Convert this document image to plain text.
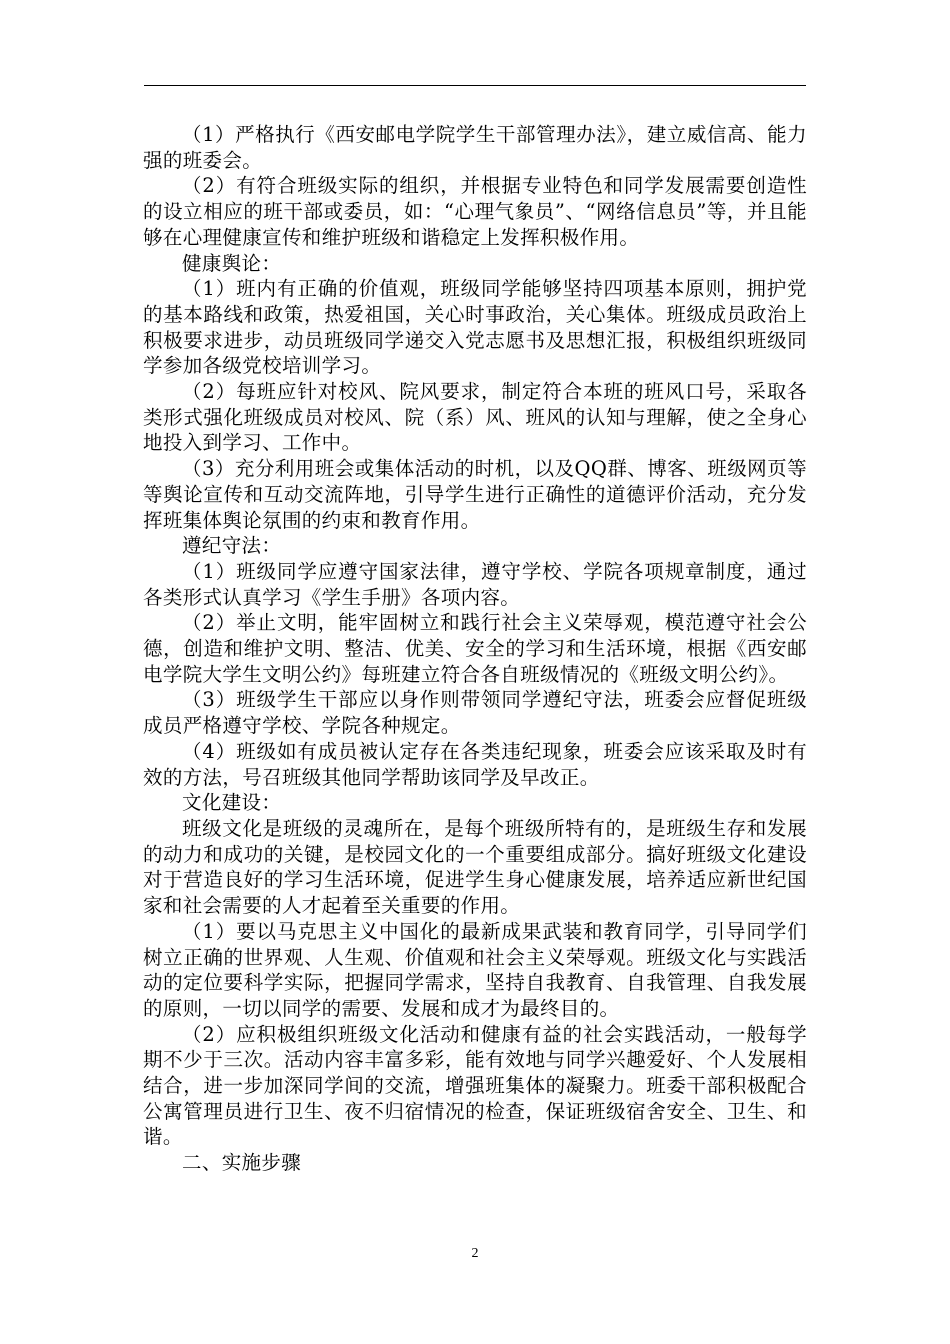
（1）严格执行《西安邮电学院学生干部管理办法》，建立威信高、能力强的班委会。

（2）有符合班级实际的组织，并根据专业特色和同学发展需要创造性的设立相应的班干部或委员，如：“心理气象员”、“网络信息员”等，并且能够在心理健康宣传和维护班级和谐稳定上发挥积极作用。

健康舆论：

（1）班内有正确的价值观，班级同学能够坚持四项基本原则，拥护党的基本路线和政策，热爱祖国，关心时事政治，关心集体。班级成员政治上积极要求进步，动员班级同学递交入党志愿书及思想汇报，积极组织班级同学参加各级党校培训学习。

（2）每班应针对校风、院风要求，制定符合本班的班风口号，采取各类形式强化班级成员对校风、院（系）风、班风的认知与理解，使之全身心地投入到学习、工作中。

（3）充分利用班会或集体活动的时机，以及QQ群、博客、班级网页等等舆论宣传和互动交流阵地，引导学生进行正确性的道德评价活动，充分发挥班集体舆论氛围的约束和教育作用。

遵纪守法：

（1）班级同学应遵守国家法律，遵守学校、学院各项规章制度，通过各类形式认真学习《学生手册》各项内容。

（2）举止文明，能牢固树立和践行社会主义荣辱观，模范遵守社会公德，创造和维护文明、整洁、优美、安全的学习和生活环境，根据《西安邮电学院大学生文明公约》每班建立符合各自班级情况的《班级文明公约》。

（3）班级学生干部应以身作则带领同学遵纪守法，班委会应督促班级成员严格遵守学校、学院各种规定。

（4）班级如有成员被认定存在各类违纪现象，班委会应该采取及时有效的方法，号召班级其他同学帮助该同学及早改正。

文化建设：

班级文化是班级的灵魂所在，是每个班级所特有的，是班级生存和发展的动力和成功的关键，是校园文化的一个重要组成部分。搞好班级文化建设对于营造良好的学习生活环境，促进学生身心健康发展，培养适应新世纪国家和社会需要的人才起着至关重要的作用。

（1）要以马克思主义中国化的最新成果武装和教育同学，引导同学们树立正确的世界观、人生观、价值观和社会主义荣辱观。班级文化与实践活动的定位要科学实际，把握同学需求，坚持自我教育、自我管理、自我发展的原则，一切以同学的需要、发展和成才为最终目的。

（2）应积极组织班级文化活动和健康有益的社会实践活动，一般每学期不少于三次。活动内容丰富多彩，能有效地与同学兴趣爱好、个人发展相结合，进一步加深同学间的交流，增强班集体的凝聚力。班委干部积极配合公寓管理员进行卫生、夜不归宿情况的检查，保证班级宿舍安全、卫生、和谐。

二、实施步骤

2
